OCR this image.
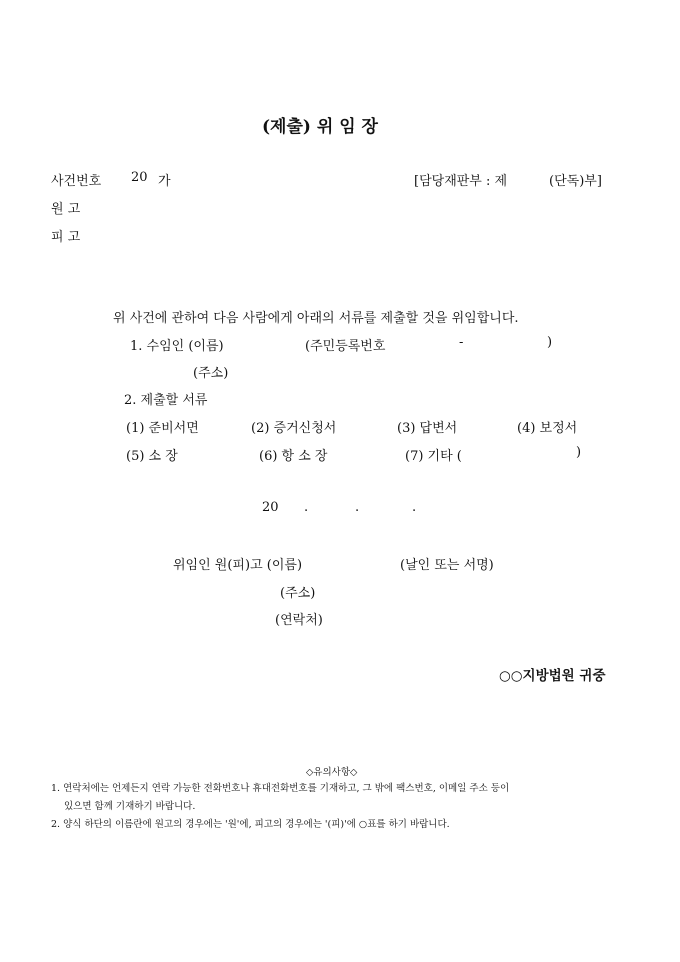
(제출) 위 임 장
사건번호 20 가	[담당재판부 : 제	(단독)부]
원 고
피 고
위 사건에 관하여 다음 사람에게 아래의 서류를 제출할 것을 위임합니다.
1. 수임인 (이름)	(주민등록번호	-	)
(주소)
2. 제출할 서류
(1) 준비서면	(2) 증거신청서	(3) 답변서	(4) 보정서
(5) 소 장	(6) 항 소 장	(7) 기타 (	)
20 .	.	.
위임인 원(피)고 (이름)	(날인 또는 서명)
(주소)
(연락처)
○○지방법원 귀중
◇유의사항◇
1. 연락처에는 언제든지 연락 가능한 전화번호나 휴대전화번호를 기재하고, 그 밖에 팩스번호, 이메일 주소 등이
있으면 함께 기재하기 바랍니다.
2. 양식 하단의 이름란에 원고의 경우에는 '원'에, 피고의 경우에는 '(피)'에 ○표를 하기 바랍니다.
